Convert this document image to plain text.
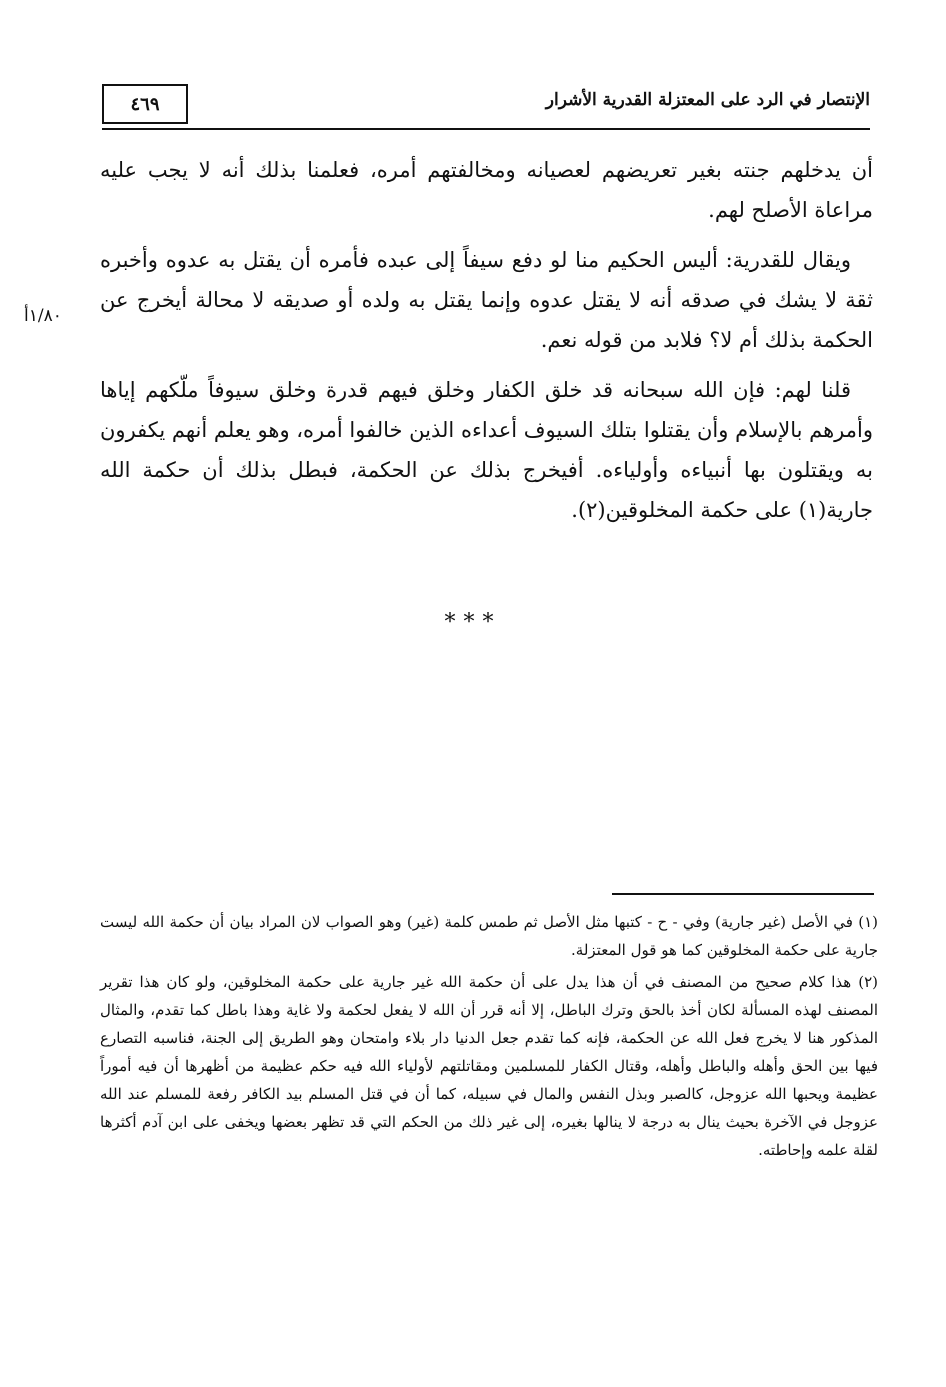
الإنتصار في الرد على المعتزلة القدرية الأشرار
٤٦٩
١/٨٠أ

أن يدخلهم جنته بغير تعريضهم لعصيانه ومخالفتهم أمره، فعلمنا بذلك أنه لا يجب عليه مراعاة الأصلح لهم.

ويقال للقدرية: أليس الحكيم منا لو دفع سيفاً إلى عبده فأمره أن يقتل به عدوه وأخبره ثقة لا يشك في صدقه أنه لا يقتل عدوه وإنما يقتل به ولده أو صديقه لا محالة أيخرج عن الحكمة بذلك أم لا؟ فلابد من قوله نعم.

قلنا لهم: فإن الله سبحانه قد خلق الكفار وخلق فيهم قدرة وخلق سيوفاً ملّكهم إياها وأمرهم بالإسلام وأن يقتلوا بتلك السيوف أعداءه الذين خالفوا أمره، وهو يعلم أنهم يكفرون به ويقتلون بها أنبياءه وأولياءه. أفيخرج بذلك عن الحكمة، فبطل بذلك أن حكمة الله جارية(١) على حكمة المخلوقين(٢).

***

(١) في الأصل (غير جارية) وفي - ح - كتبها مثل الأصل ثم طمس كلمة (غير) وهو الصواب لان المراد بيان أن حكمة الله ليست جارية على حكمة المخلوقين كما هو قول المعتزلة.

(٢) هذا كلام صحيح من المصنف في أن هذا يدل على أن حكمة الله غير جارية على حكمة المخلوقين، ولو كان هذا تقرير المصنف لهذه المسألة لكان أخذ بالحق وترك الباطل، إلا أنه قرر أن الله لا يفعل لحكمة ولا غاية وهذا باطل كما تقدم، والمثال المذكور هنا لا يخرج فعل الله عن الحكمة، فإنه كما تقدم جعل الدنيا دار بلاء وامتحان وهو الطريق إلى الجنة، فناسبه التصارع فيها بين الحق وأهله والباطل وأهله، وقتال الكفار للمسلمين ومقاتلتهم لأولياء الله فيه حكم عظيمة من أظهرها أن فيه أموراً عظيمة ويحبها الله عزوجل، كالصبر وبذل النفس والمال في سبيله، كما أن في قتل المسلم بيد الكافر رفعة للمسلم عند الله عزوجل في الآخرة بحيث ينال به درجة لا ينالها بغيره، إلى غير ذلك من الحكم التي قد تظهر بعضها ويخفى على ابن آدم أكثرها لقلة علمه وإحاطته.
